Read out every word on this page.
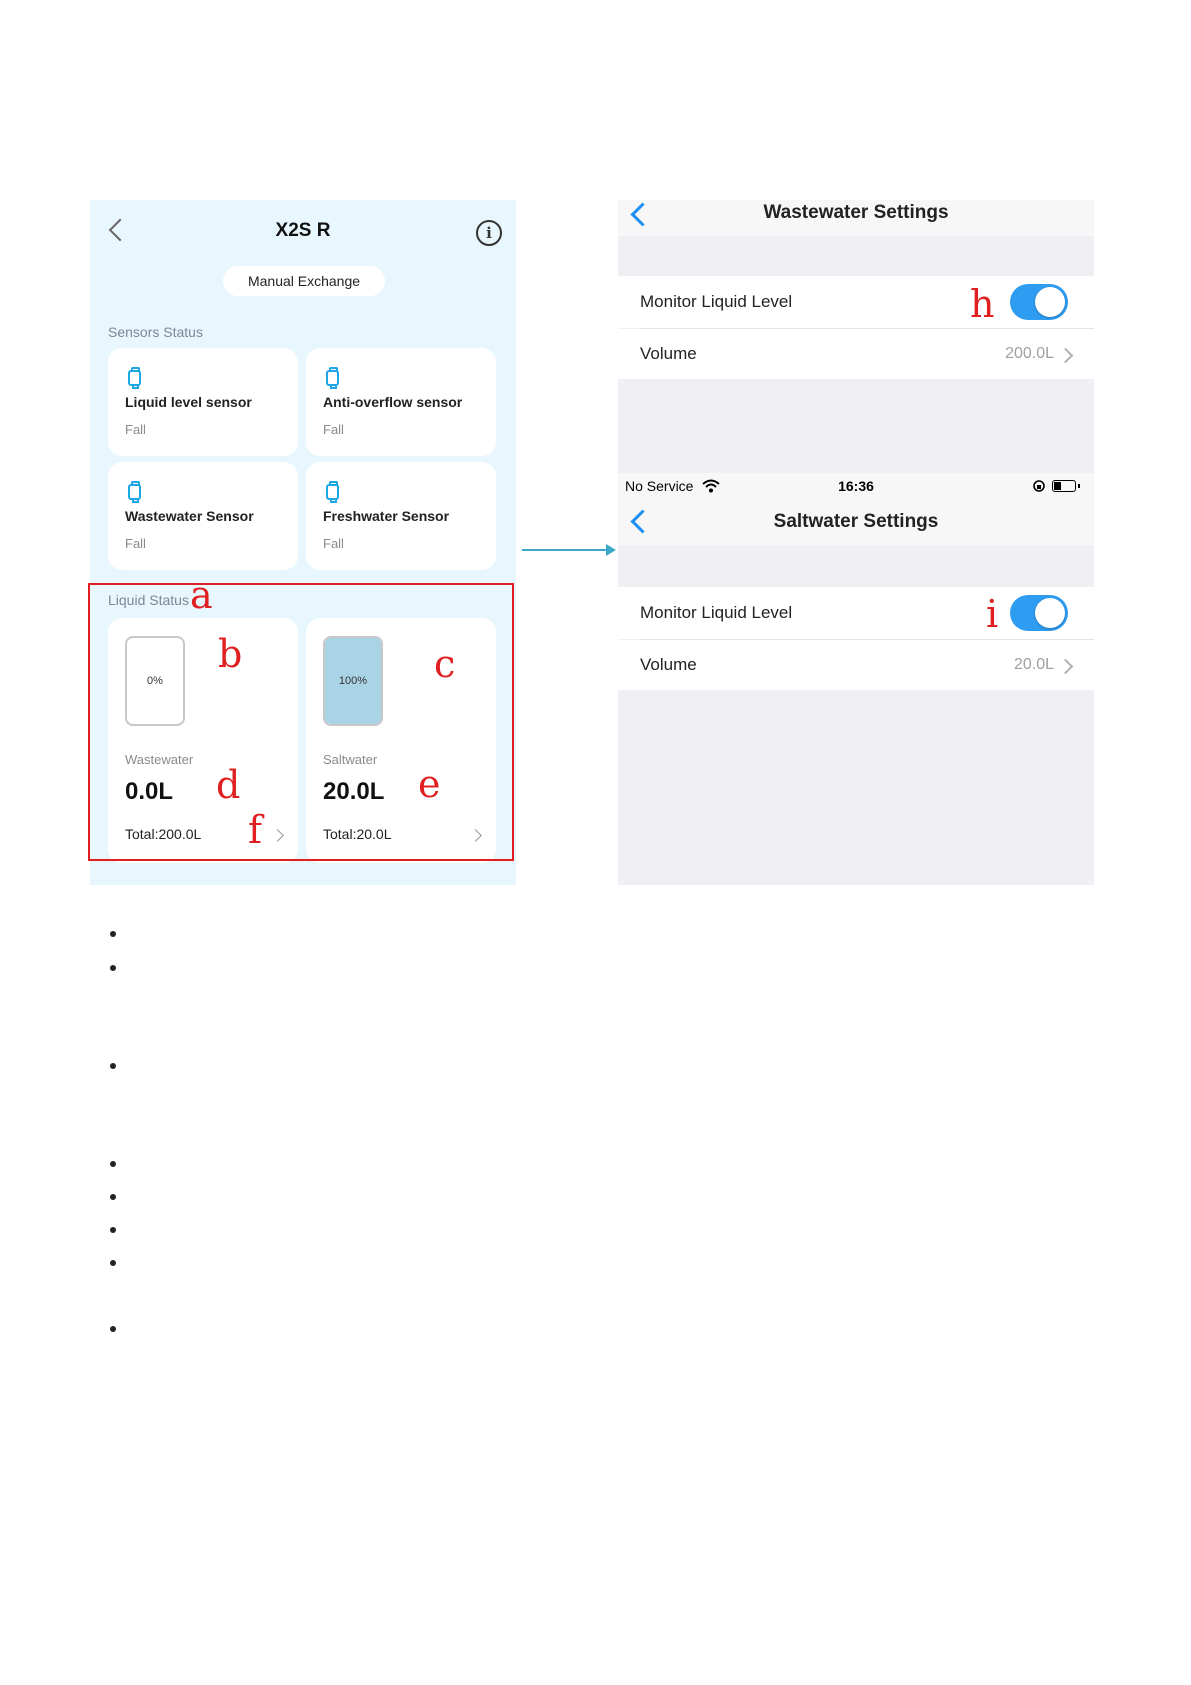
X2S R	i
Manual Exchange
Sensors Status
Liquid level sensor
Fall
Anti-overflow sensor
Fall
Wastewater Sensor
Fall
Freshwater Sensor
Fall
Liquid Status
0%
Wastewater
0.0L
Total:200.0L
100%
Saltwater
20.0L
Total:20.0L
a
b	c
d	e
f
Wastewater Settings
Monitor Liquid Level
Volume	200.0L
No Service	16:36
Saltwater Settings
Monitor Liquid Level
Volume	20.0L
h
i
